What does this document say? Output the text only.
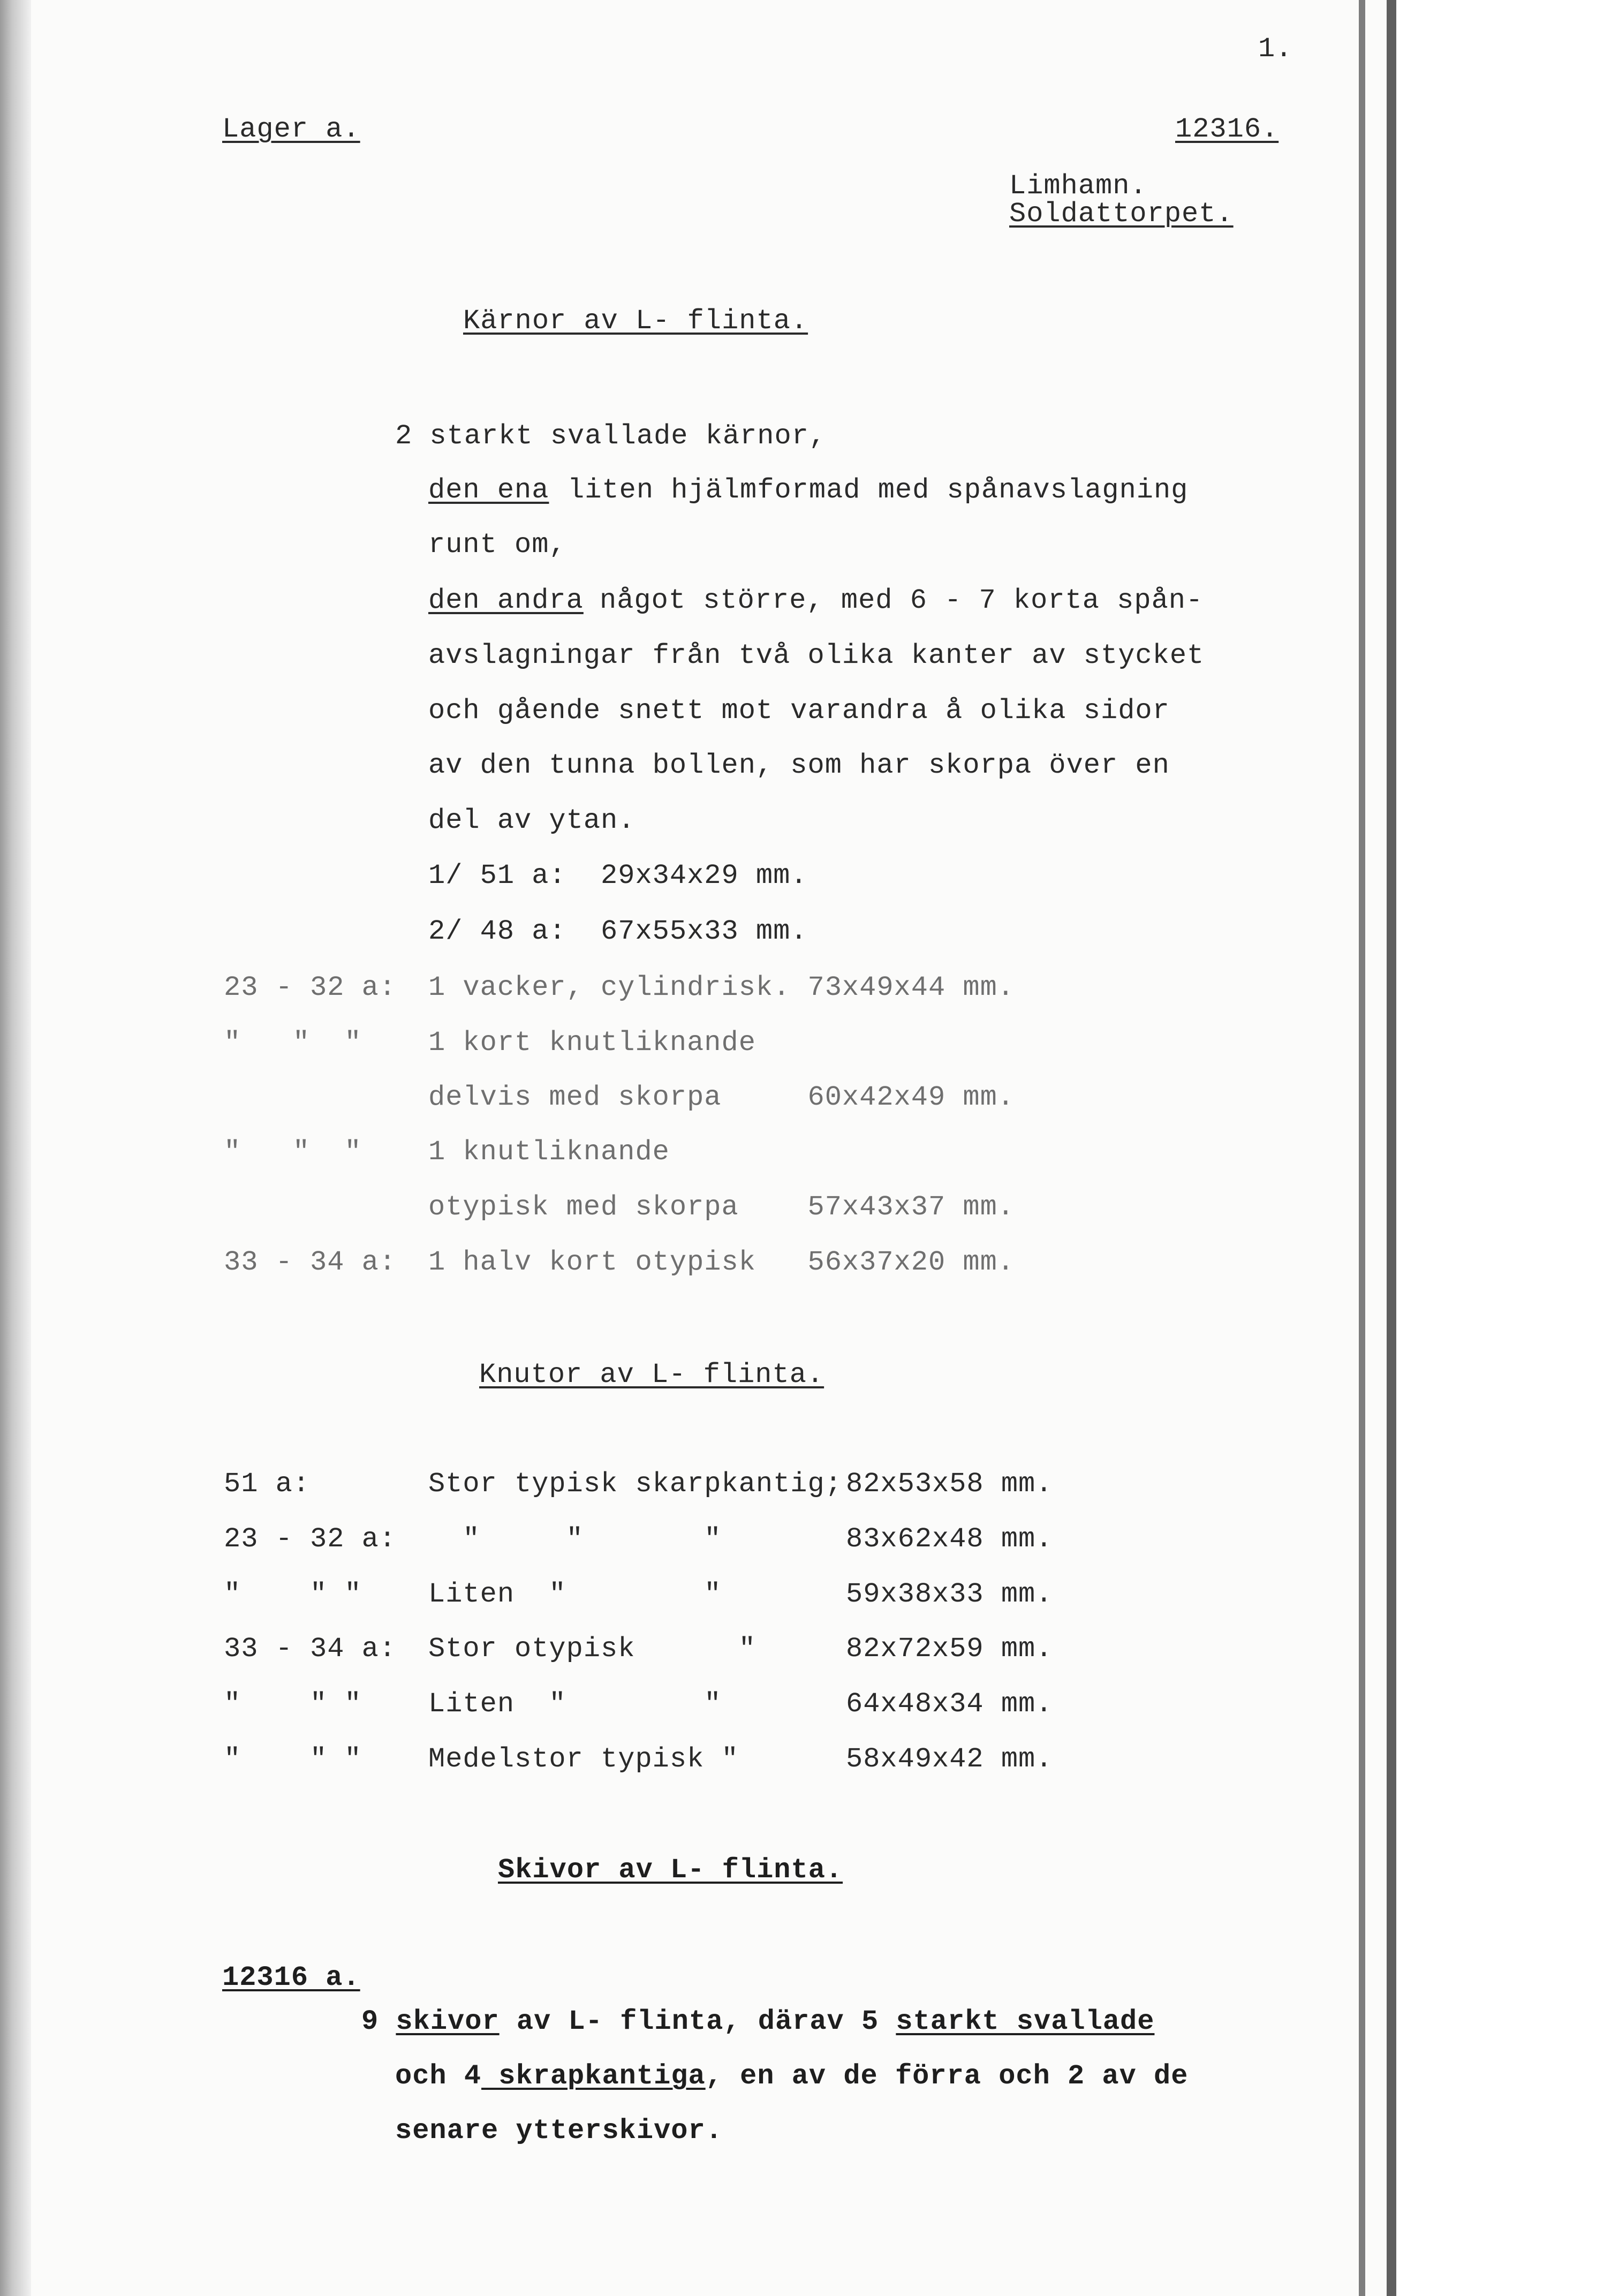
1.
Lager a.	12316.
Limhamn.
Soldattorpet.
Kärnor av L- flinta.
2 starkt svallade kärnor,
den ena liten hjälmformad med spånavslagning
runt om,
den andra något större, med 6 - 7 korta spån-
avslagningar från två olika kanter av stycket
och gående snett mot varandra å olika sidor
av den tunna bollen, som har skorpa över en
del av ytan.
1/ 51 a:  29x34x29 mm.
2/ 48 a:  67x55x33 mm.
23 - 32 a: 1 vacker, cylindrisk. 73x49x44 mm.
"   "  " 1 kort knutliknande
delvis med skorpa     60x42x49 mm.
"   "  " 1 knutliknande
otypisk med skorpa    57x43x37 mm.
33 - 34 a: 1 halv kort otypisk   56x37x20 mm.
Knutor av L- flinta.
51 a:	Stor typisk skarpkantig; 82x53x58 mm.
23 - 32 a: "     "       "	83x62x48 mm.
"    " " Liten  "        "	59x38x33 mm.
33 - 34 a: Stor otypisk      "	82x72x59 mm.
"    " " Liten  "        "	64x48x34 mm.
"    " " Medelstor typisk "	58x49x42 mm.
Skivor av L- flinta.
12316 a.
9 skivor av L- flinta, därav 5 starkt svallade
och 4 skrapkantiga, en av de förra och 2 av de
senare ytterskivor.
